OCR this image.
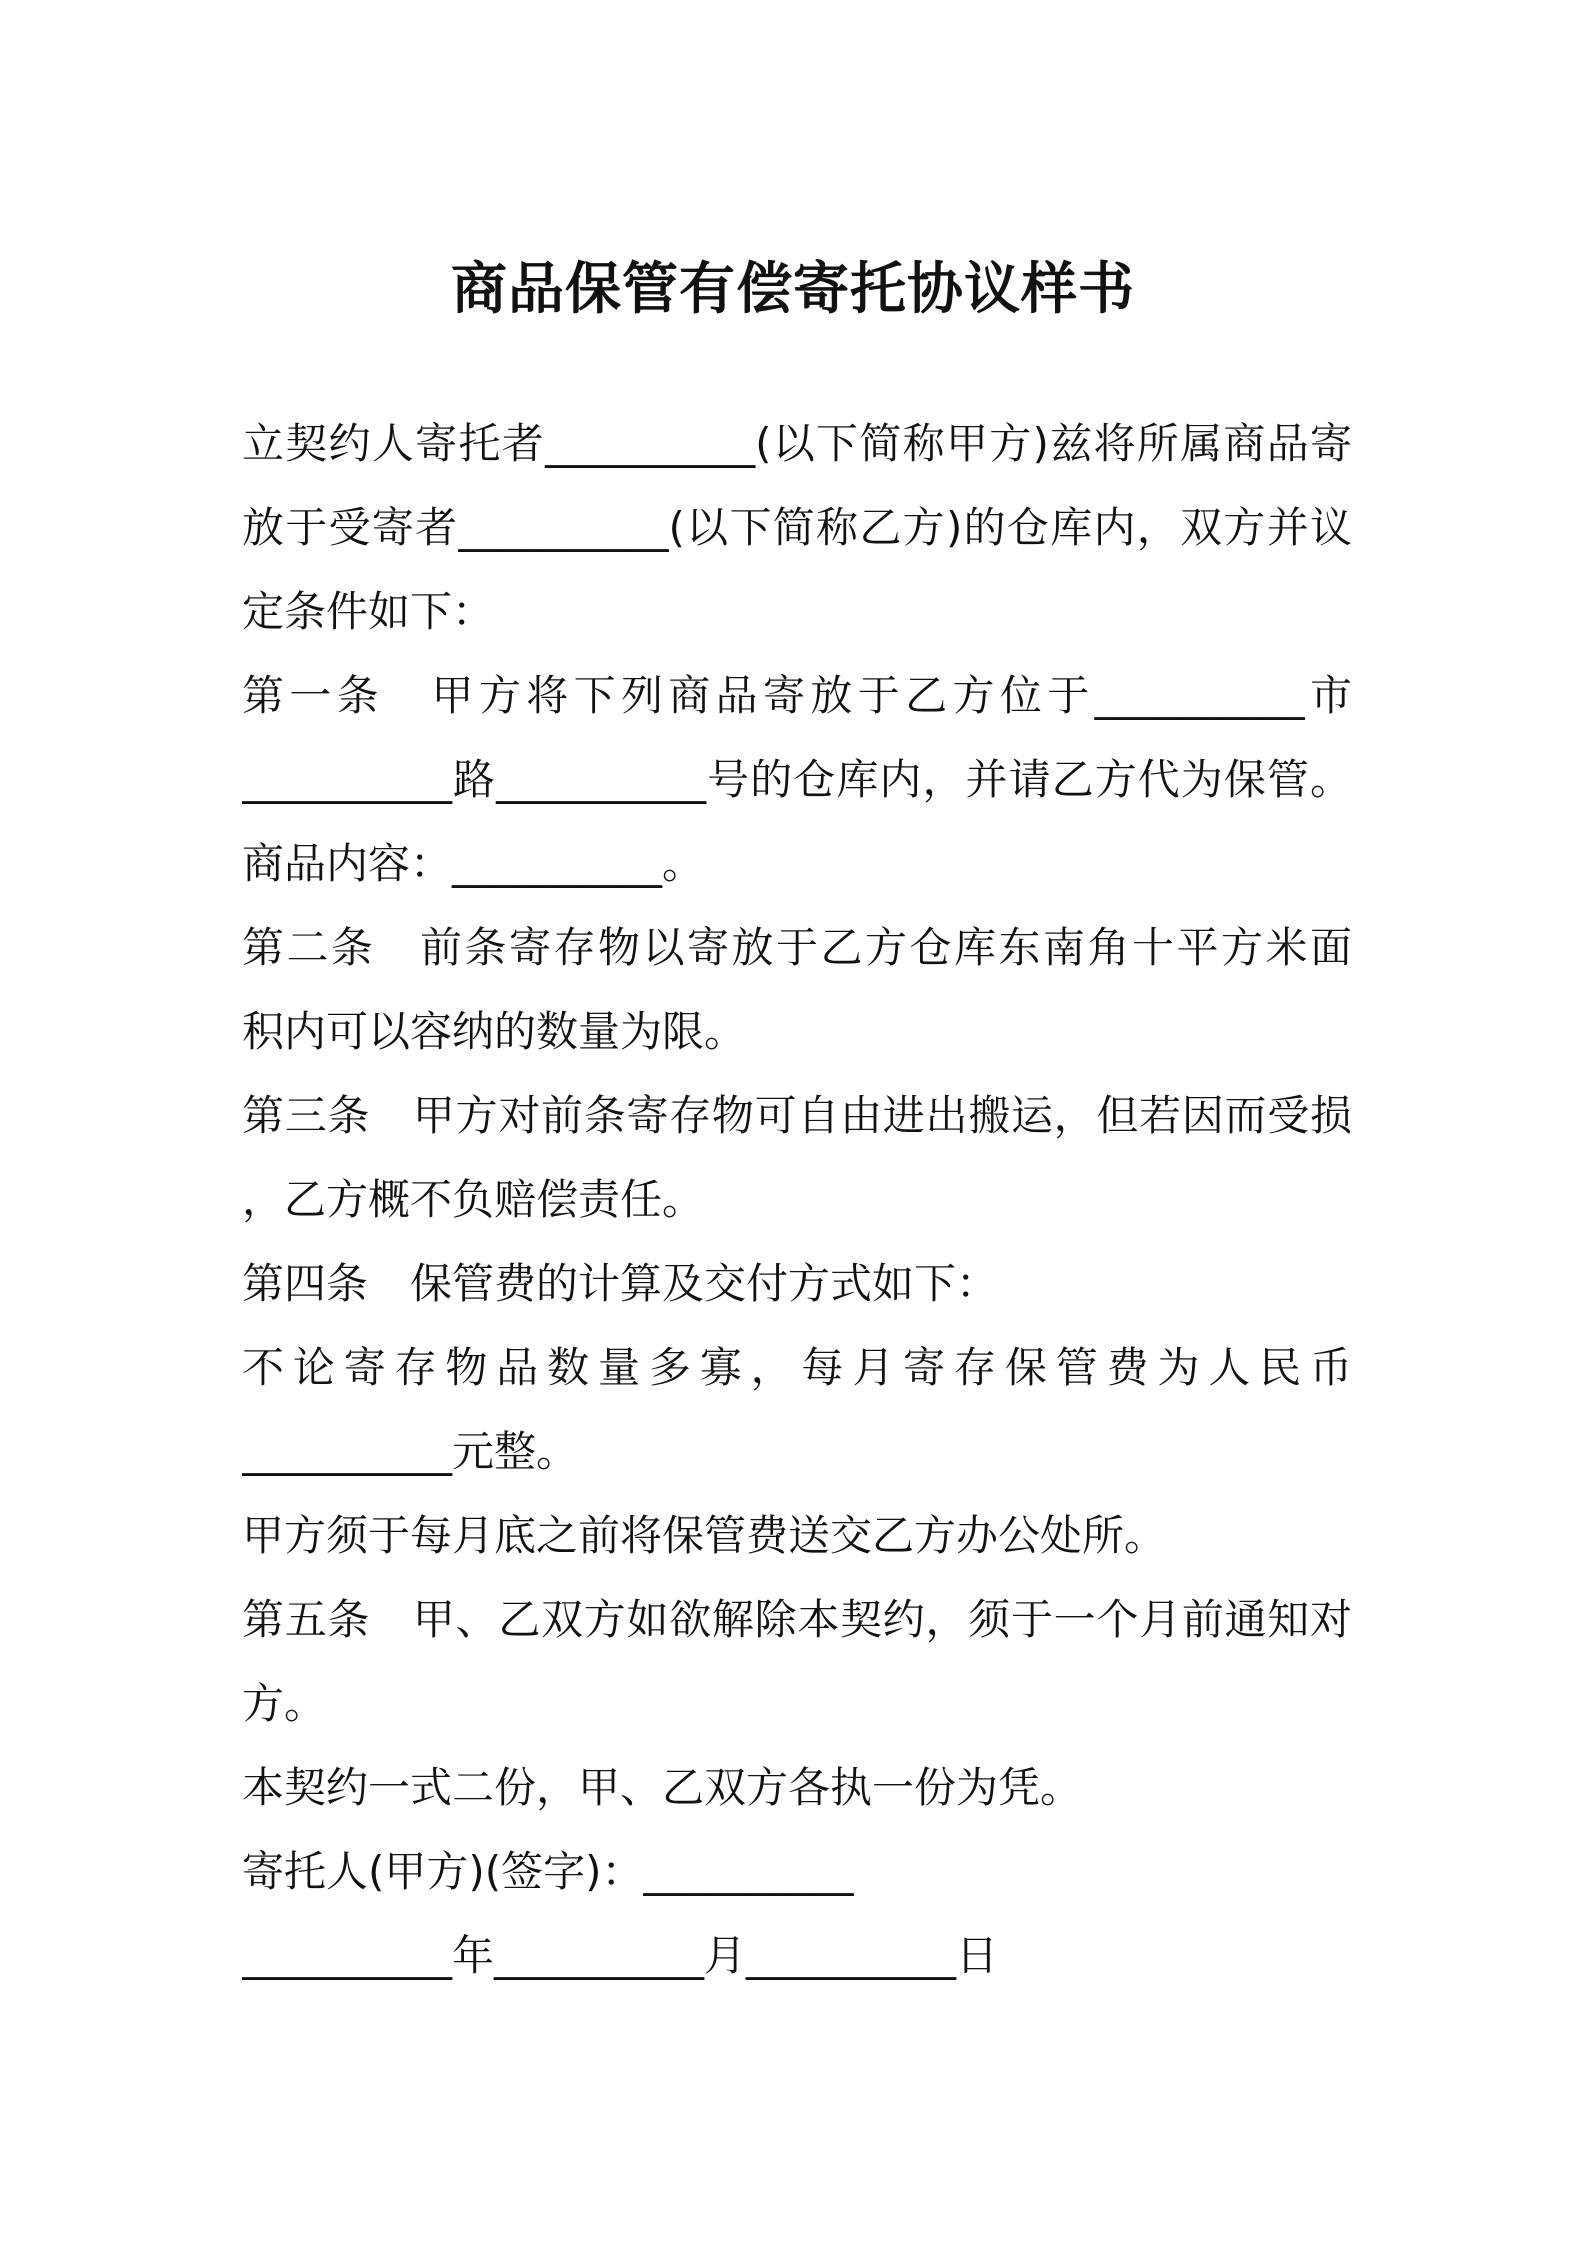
商品保管有偿寄托协议样书

立契约人寄托者__________(以下简称甲方)兹将所属商品寄

放于受寄者__________(以下简称乙方)的仓库内，双方并议

定条件如下：

第一条　甲方将下列商品寄放于乙方位于__________市

__________路__________号的仓库内，并请乙方代为保管。

商品内容：__________。

第二条　前条寄存物以寄放于乙方仓库东南角十平方米面

积内可以容纳的数量为限。

第三条　甲方对前条寄存物可自由进出搬运，但若因而受损

，乙方概不负赔偿责任。

第四条　保管费的计算及交付方式如下：

不论寄存物品数量多寡，每月寄存保管费为人民币

__________元整。

甲方须于每月底之前将保管费送交乙方办公处所。

第五条　甲、乙双方如欲解除本契约，须于一个月前通知对

方。

本契约一式二份，甲、乙双方各执一份为凭。

寄托人(甲方)(签字)：__________

__________年__________月__________日
